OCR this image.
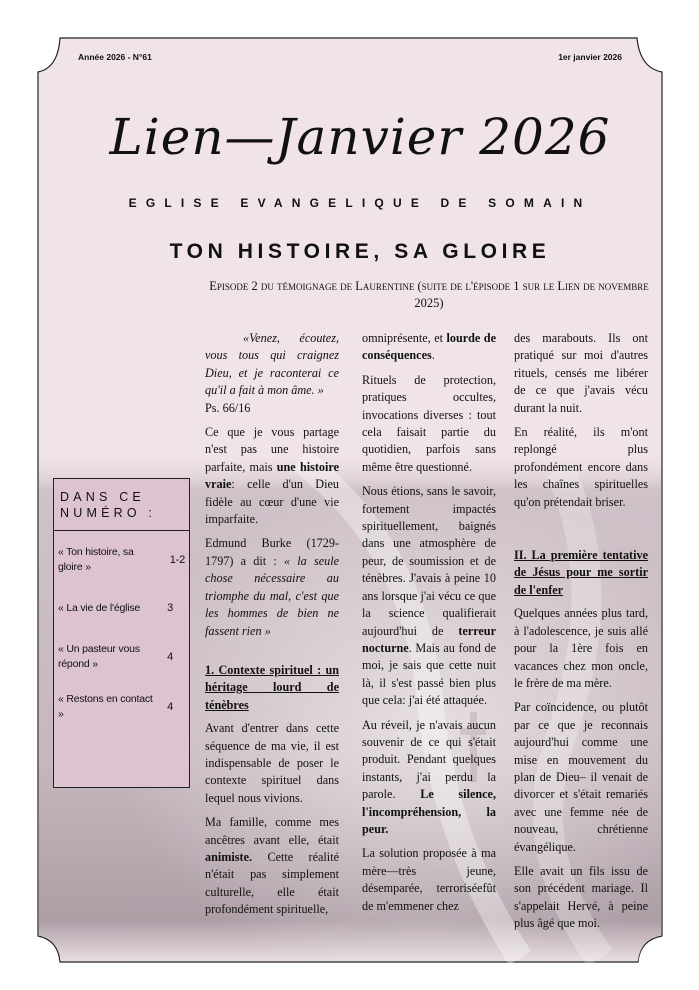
Année 2026 - N°61	1er janvier 2026
Lien—Janvier 2026
EGLISE EVANGELIQUE DE SOMAIN
TON HISTOIRE, SA GLOIRE
Episode 2 du témoignage de Laurentine (suite de l'épisode 1 sur le Lien de novembre 2025)

«Venez, écoutez, vous tous qui craignez Dieu, et je raconterai ce qu'il a fait à mon âme. »
Ps. 66/16

Ce que je vous partage n'est pas une histoire parfaite, mais une histoire vraie: celle d'un Dieu fidèle au cœur d'une vie imparfaite.

Edmund Burke (1729-1797) a dit : « la seule chose nécessaire au triomphe du mal, c'est que les hommes de bien ne fassent rien »

1. Contexte spirituel : un héritage lourd de ténèbres

Avant d'entrer dans cette séquence de ma vie, il est indispensable de poser le contexte spirituel dans lequel nous vivions.

Ma famille, comme mes ancêtres avant elle, était animiste. Cette réalité n'était pas simplement culturelle, elle était profondément spirituelle,

omniprésente, et lourde de conséquences.

Rituels de protection, pratiques occultes, invocations diverses : tout cela faisait partie du quotidien, parfois sans même être questionné.

Nous étions, sans le savoir, fortement impactés spirituellement, baignés dans une atmosphère de peur, de soumission et de ténèbres. J'avais à peine 10 ans lorsque j'ai vécu ce que la science qualifierait aujourd'hui de terreur nocturne. Mais au fond de moi, je sais que cette nuit là, il s'est passé bien plus que cela: j'ai été attaquée.

Au réveil, je n'avais aucun souvenir de ce qui s'était produit. Pendant quelques instants, j'ai perdu la parole. Le silence, l'incompréhension, la peur.

La solution proposée à ma mère—très jeune, désemparée, terroriséefût de m'emmener chez

des marabouts. Ils ont pratiqué sur moi d'autres rituels, censés me libérer de ce que j'avais vécu durant la nuit.

En réalité, ils m'ont replongé plus profondément encore dans les chaînes spirituelles qu'on prétendait briser.

II. La première tentative de Jésus pour me sortir de l'enfer

Quelques années plus tard, à l'adolescence, je suis allé pour la 1ère fois en vacances chez mon oncle, le frère de ma mère.

Par coïncidence, ou plutôt par ce que je reconnais aujourd'hui comme une mise en mouvement du plan de Dieu– il venait de divorcer et s'était remariés avec une femme née de nouveau, chrétienne évangélique.

Elle avait un fils issu de son précédent mariage. Il s'appelait Hervé, à peine plus âgé que moi.

DANS CE NUMÉRO :
« Ton histoire, sa gloire »
1-2
« La vie de l'église	3
« Un pasteur vous répond »
4
« Restons en contact »
4
